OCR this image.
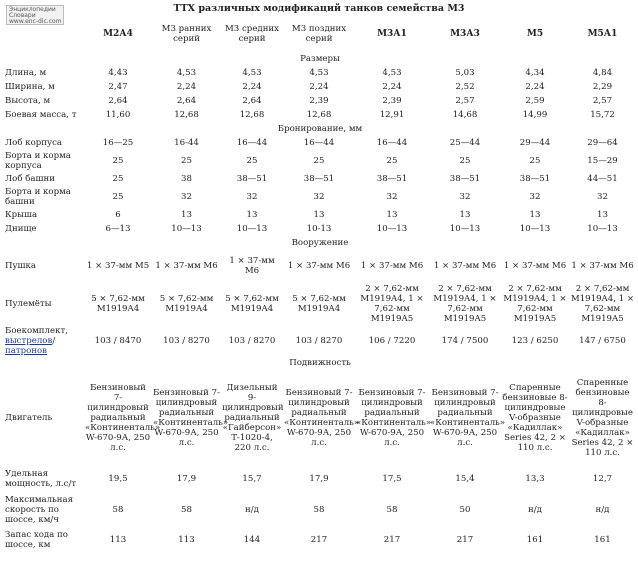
Энциклопедии
Словари
www.enc-dic.com
ТТХ различных модификаций танков семейства М3
	М2А4	М3 ранних серий	М3 средних серий	М3 поздних серий	М3А1	М3А3	М5	М5А1
Размеры								
Длина, м	4,43	4,53	4,53	4,53	4,53	5,03	4,34	4,84
Ширина, м	2,47	2,24	2,24	2,24	2,24	2,52	2,24	2,29
Высота, м	2,64	2,64	2,64	2,39	2,39	2,57	2,59	2,57
Боевая масса, т	11,60	12,68	12,68	12,68	12,91	14,68	14,99	15,72
Бронирование, мм								
Лоб корпуса	16—25	16-44	16—44	16—44	16—44	25—44	29—44	29—64
Борта и корма корпуса	25	25	25	25	25	25	25	15—29
Лоб башни	25	38	38—51	38—51	38—51	38—51	38—51	44—51
Борта и корма башни	25	32	32	32	32	32	32	32
Крыша	6	13	13	13	13	13	13	13
Днище	6—13	10—13	10—13	10-13	10—13	10—13	10—13	10—13
Вооружение								
Пушка	1 × 37-мм М5	1 × 37-мм М6	1 × 37-мм М6	1 × 37-мм М6	1 × 37-мм М6	1 × 37-мм М6	1 × 37-мм М6	1 × 37-мм М6
Пулемёты	5 × 7,62-мм M1919A4	5 × 7,62-мм M1919A4	5 × 7,62-мм M1919A4	5 × 7,62-мм M1919A4	2 × 7,62-мм M1919A4, 1 × 7,62-мм M1919A5	2 × 7,62-мм M1919A4, 1 × 7,62-мм M1919A5	2 × 7,62-мм M1919A4, 1 × 7,62-мм M1919A5	2 × 7,62-мм M1919A4, 1 × 7,62-мм M1919A5
Боекомплект,
выстрелов/патронов	103 / 8470	103 / 8270	103 / 8270	103 / 8270	106 / 7220	174 / 7500	123 / 6250	147 / 6750
Подвижность								
Двигатель	Бензиновый 7-цилиндровый радиальный «Континенталь» W-670-9А, 250 л.с.	Бензиновый 7-цилиндровый радиальный «Континенталь» W-670-9А, 250 л.с.	Дизельный 9-цилиндровый радиальный «Гайберсон» Т-1020-4, 220 л.с.	Бензиновый 7-цилиндровый радиальный «Континенталь» W-670-9А, 250 л.с.	Бензиновый 7-цилиндровый радиальный «Континенталь» W-670-9А, 250 л.с.	Бензиновый 7-цилиндровый радиальный «Континенталь» W-670-9А, 250 л.с.	Спаренные бензиновые 8-цилиндровые V-образные «Кадиллак» Series 42, 2 × 110 л.с.	Спаренные бензиновые 8-цилиндровые V-образные «Кадиллак» Series 42, 2 × 110 л.с.
Удельная мощность, л.с/т	19,5	17,9	15,7	17,9	17,5	15,4	13,3	12,7
Максимальная скорость по шоссе, км/ч	58	58	н/д	58	58	50	н/д	н/д
Запас хода по шоссе, км	113	113	144	217	217	217	161	161
